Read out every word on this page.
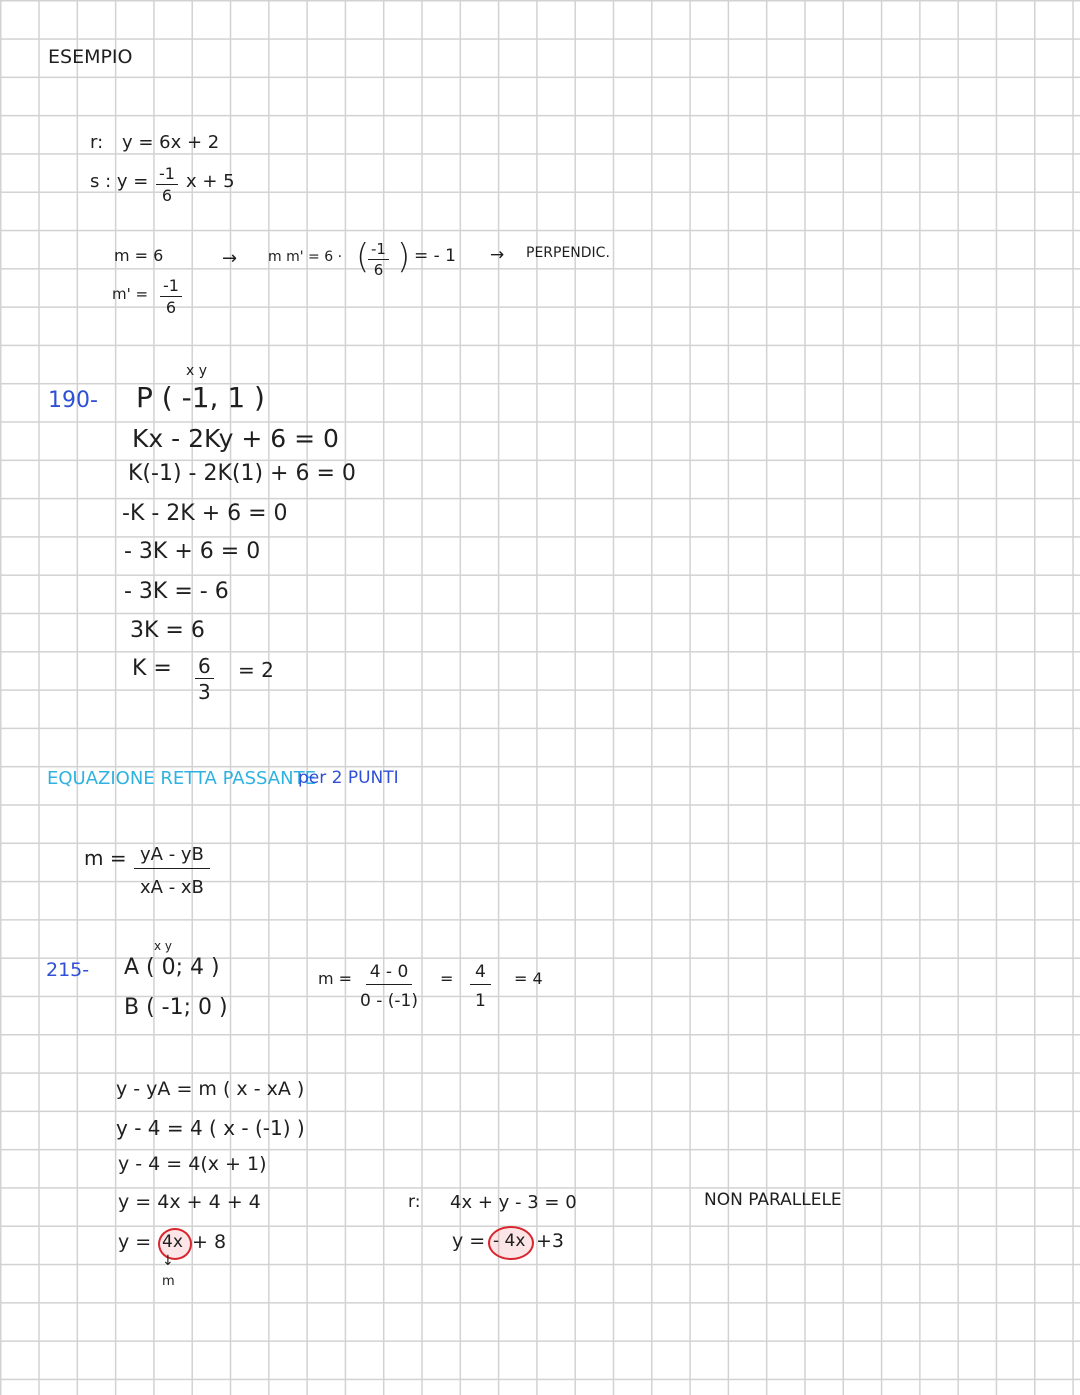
ESEMPIO
r: y = 6x + 2
s : $y = \frac{-1}{6}$ x + 5
m = 6
$m' = \frac{-1}{6}$
→ m m' = 6 · (
$\frac{-1}{6}$ ) = - 1 → PERPENDIC.
190-
x y
P ( -1, 1 )
Kx - 2Ky + 6 = 0
K(-1) - 2K(1) + 6 = 0
-K - 2K + 6 = 0
- 3K + 6 = 0
- 3K = - 6
3K = 6
$K = \frac{6}{3} = 2$
EQUAZIONE RETTA PASSANTE
per 2 PUNTI
$m = \frac{yA - yB}{xA - xB}$
215-
x y
A ( 0; 4 )
B ( -1; 0 )
$m = \frac{4 - 0}{0 - (-1)} = \frac{4}{1} = 4$
y - yA = m ( x - xA )
y - 4 = 4 ( x - (-1) )
y - 4 = 4(x + 1)
y = 4x + 4 + 4
y = 4x + 8
↓
m
r: 4x + y - 3 = 0
y = - 4x +3
NON PARALLELE
